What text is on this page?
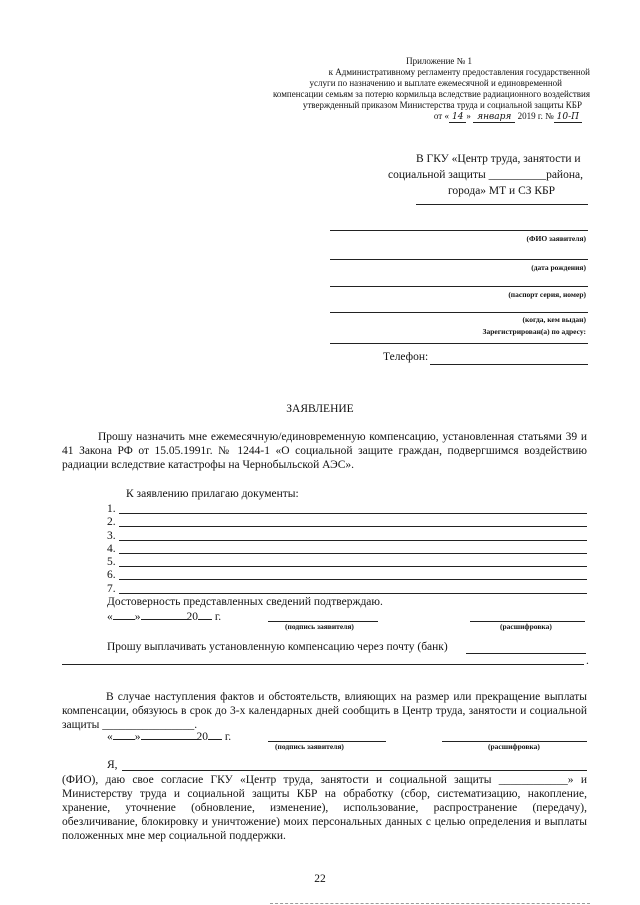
Приложение № 1
к Административному регламенту предоставления государственной
услуги по назначению и выплате ежемесячной и единовременной
компенсации семьям за потерю кормильца вследствие радиационного воздействия
утвержденный приказом Министерства труда и социальной защиты КБР
от « 14 » января 2019 г. № 10-П
В ГКУ «Центр труда, занятости и
социальной защиты __________района,
города» МТ и СЗ КБР
(ФИО заявителя)
(дата рождения)
(паспорт серия, номер)
(когда, кем выдан)
Зарегистрирован(а) по адресу:
Телефон:
ЗАЯВЛЕНИЕ
Прошу назначить мне ежемесячную/единовременную компенсацию, установленная статьями 39 и 41 Закона РФ от 15.05.1991г. № 1244-1 «О социальной защите граждан, подвергшимся воздействию радиации вследствие катастрофы на Чернобыльской АЭС».
К заявлению прилагаю документы:
1.
2.
3.
4.
5.
6.
7.
Достоверность представленных сведений подтверждаю.
« »	20 г.
(подпись заявителя)	(расшифровка)
Прошу выплачивать установленную компенсацию через почту (банк)
.
В случае наступления фактов и обстоятельств, влияющих на размер или прекращение выплаты компенсации, обязуюсь в срок до 3-х календарных дней сообщить в Центр труда, занятости и социальной защиты ________________.
« »	20 г.
(подпись заявителя)	(расшифровка)
Я,
(ФИО), даю свое согласие ГКУ «Центр труда, занятости и социальной защиты ____________» и Министерству труда и социальной защиты КБР на обработку (сбор, систематизацию, накопление, хранение, уточнение (обновление, изменение), использование, распространение (передачу), обезличивание, блокировку и уничтожение) моих персональных данных с целью определения и выплаты положенных мне мер социальной поддержки.
22
